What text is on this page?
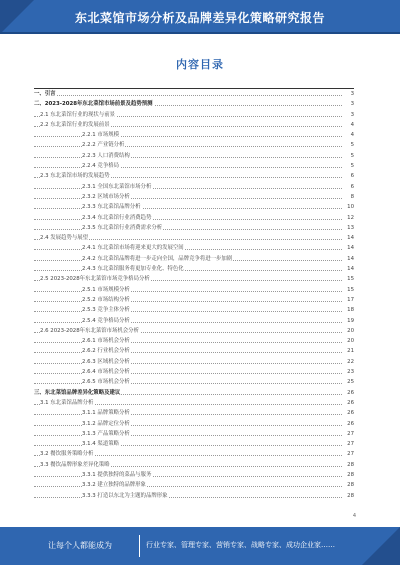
东北菜馆市场分析及品牌差异化策略研究报告
内容目录
一、引言	3
二、2023-2028年东北菜馆市场前景及趋势预测	3
2.1 东北菜馆行业的现状与前景	3
2.2 东北菜馆行业的发展前景	4
2.2.1 市场规模	4
2.2.2 产业链分析	5
2.2.3 人口消费结构	5
2.2.4 竞争格局	5
2.3 东北菜馆市场的发展趋势	6
2.3.1 全国东北菜馆市场分析	6
2.3.2 区域市场分析	8
2.3.3 东北菜馆品牌分析	10
2.3.4 东北菜馆行业消费趋势	12
2.3.5 东北菜馆行业消费需求分析	13
2.4 发展趋势与展望	14
2.4.1 东北菜馆市场将迎来更大的发展空间	14
2.4.2 东北菜馆品牌将进一步走向全国，品牌竞争将进一步加剧	14
2.4.3 东北菜馆服务将更加专业化、特色化	14
2.5 2023-2028年东北菜馆市场竞争格局分析	15
2.5.1 市场规模分析	15
2.5.2 市场结构分析	17
2.5.3 竞争主体分析	18
2.5.4 竞争格局分析	19
2.6 2023-2028年东北菜馆市场机会分析	20
2.6.1 市场机会分析	20
2.6.2 行业机会分析	21
2.6.3 区域机会分析	22
2.6.4 市场机会分析	23
2.6.5 市场机会分析	25
三、东北菜馆品牌差异化策略及建议	26
3.1 东北菜馆品牌分析	26
3.1.1 品牌策略分析	26
3.1.2 品牌定位分析	26
3.1.3 产品策略分析	27
3.1.4 渠道策略	27
3.2 餐饮服务策略分析	27
3.3 餐饮品牌形象差异化策略	28
3.3.1 提供独特的菜品与服务	28
3.3.2 建立独特的品牌形象	28
3.3.3 打造以东北为主题的品牌形象	28
4
让每个人都能成为	行业专家、管理专家、营销专家、战略专家、成功企业家……
